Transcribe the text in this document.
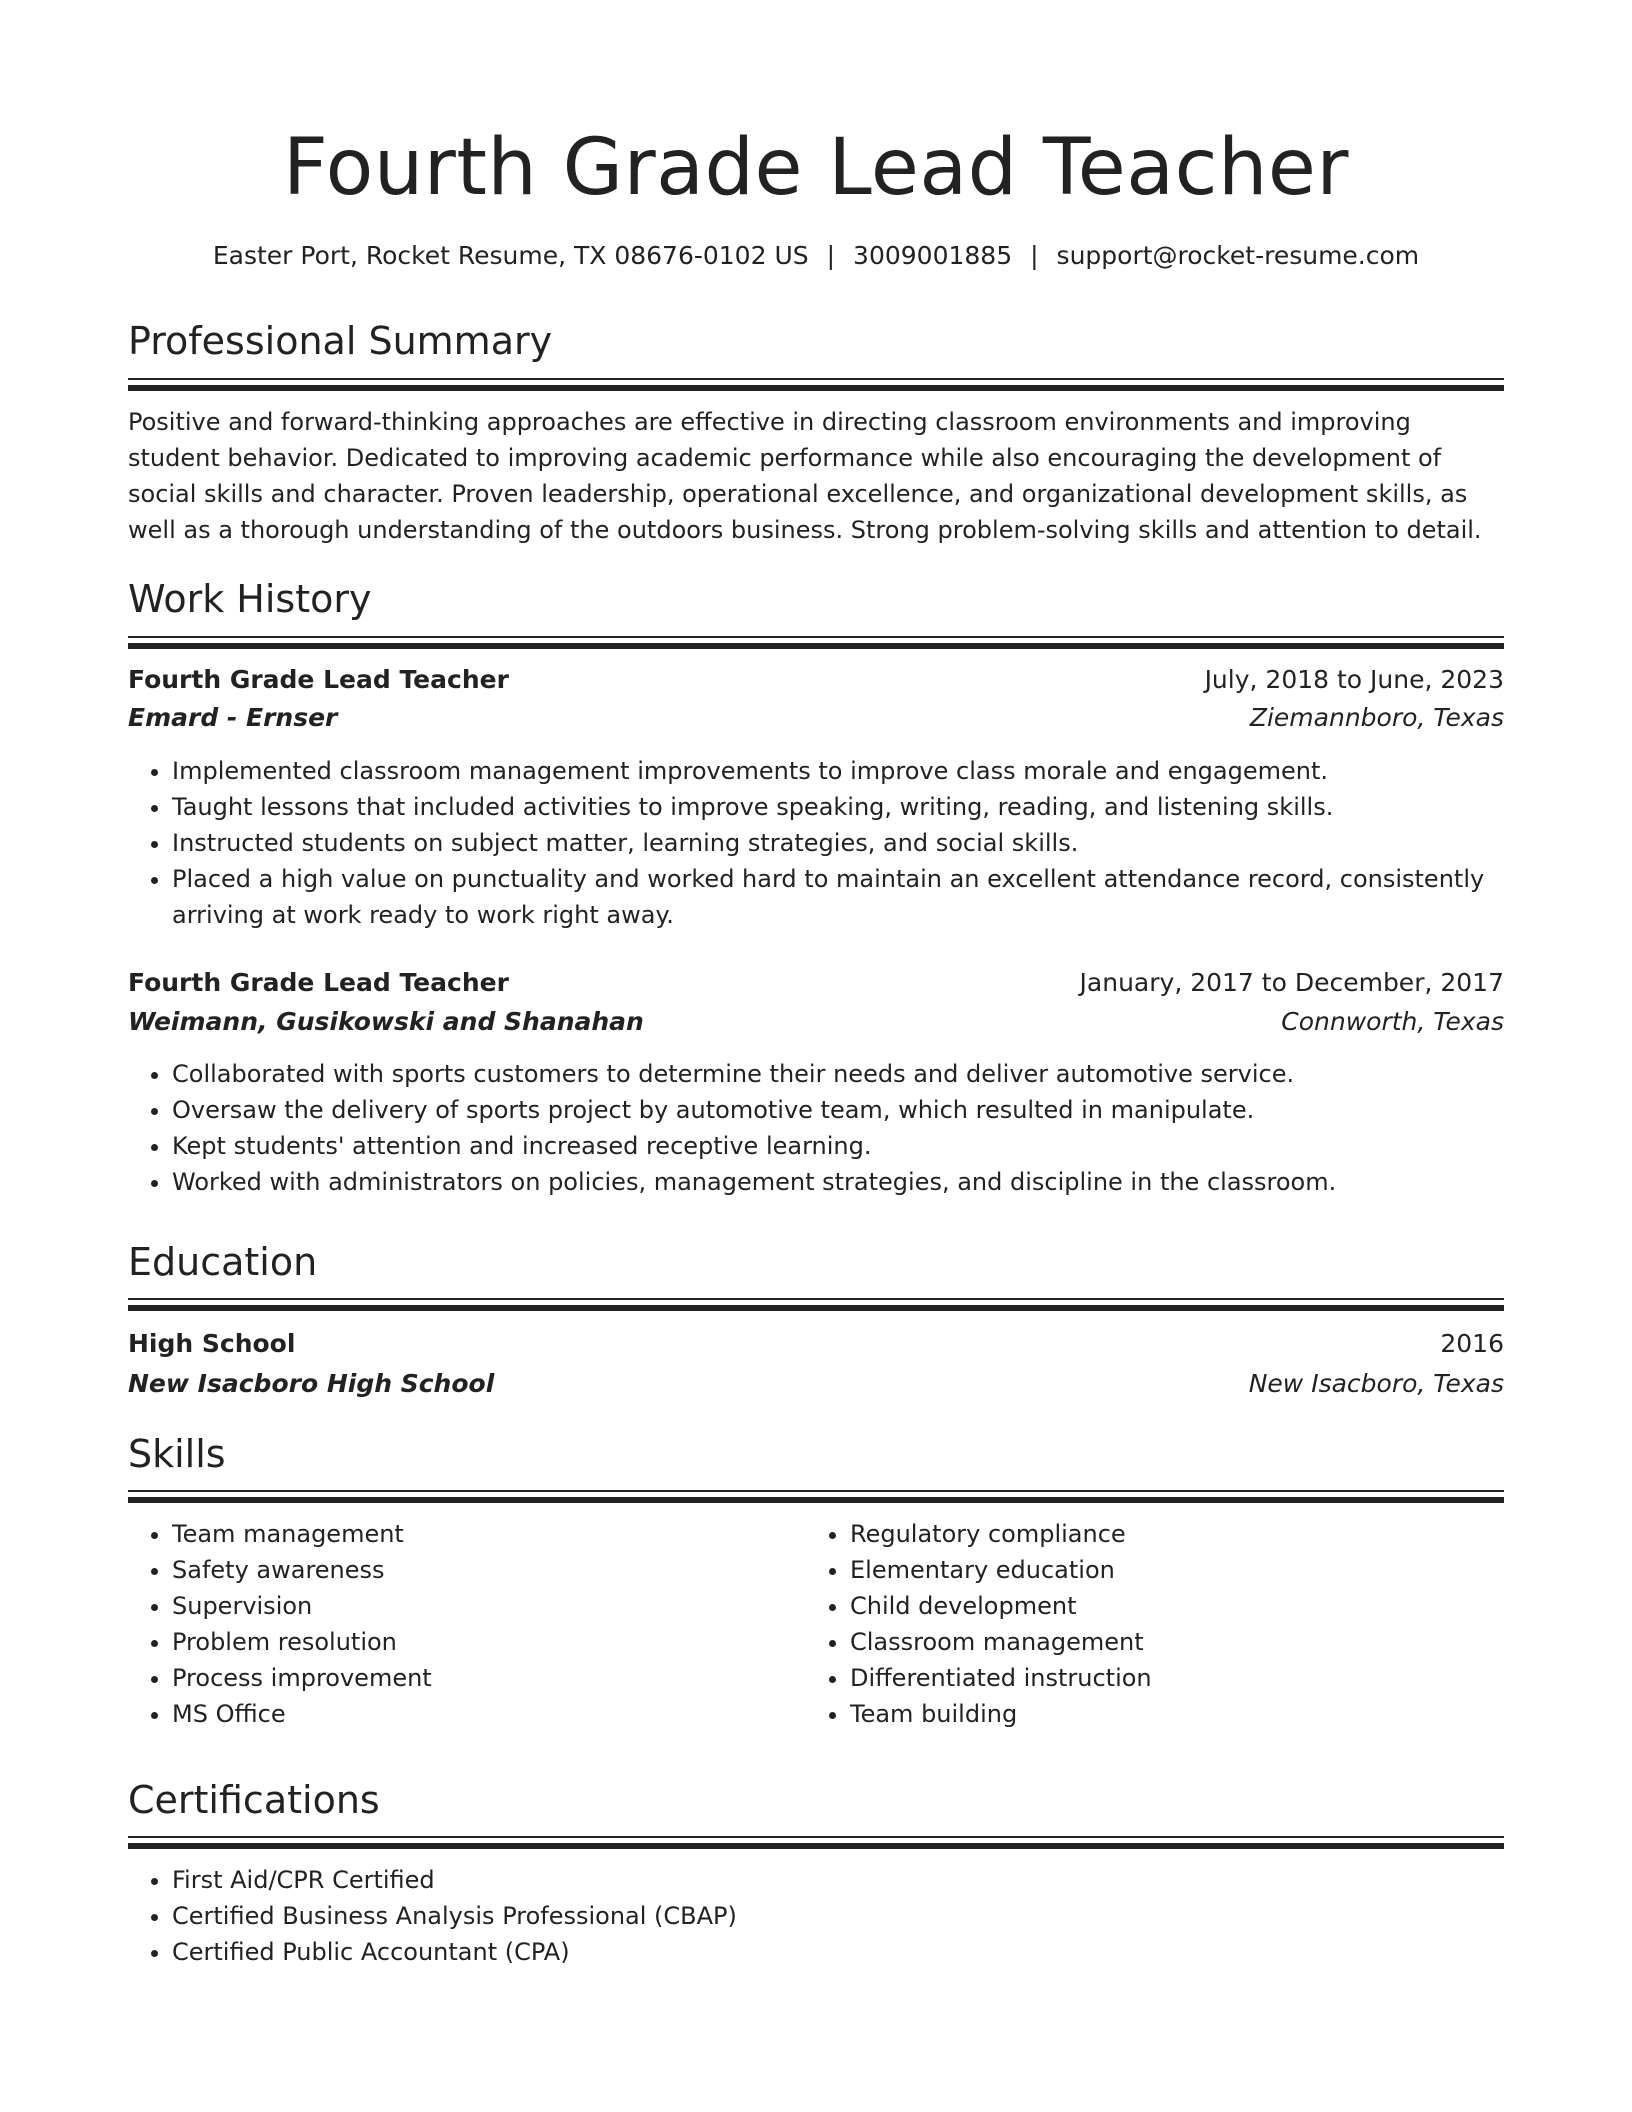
Fourth Grade Lead Teacher
Easter Port, Rocket Resume, TX 08676-0102 US | 3009001885 | support@rocket-resume.com
Professional Summary

Positive and forward-thinking approaches are effective in directing classroom environments and improving student behavior. Dedicated to improving academic performance while also encouraging the development of social skills and character. Proven leadership, operational excellence, and organizational development skills, as well as a thorough understanding of the outdoors business. Strong problem-solving skills and attention to detail.

Work History
Fourth Grade Lead Teacher	July, 2018 to June, 2023
Emard - Ernser	Ziemannboro, Texas
• Implemented classroom management improvements to improve class morale and engagement.
• Taught lessons that included activities to improve speaking, writing, reading, and listening skills.
• Instructed students on subject matter, learning strategies, and social skills.
• Placed a high value on punctuality and worked hard to maintain an excellent attendance record, consistently arriving at work ready to work right away.
Fourth Grade Lead Teacher	January, 2017 to December, 2017
Weimann, Gusikowski and Shanahan	Connworth, Texas
• Collaborated with sports customers to determine their needs and deliver automotive service.
• Oversaw the delivery of sports project by automotive team, which resulted in manipulate.
• Kept students' attention and increased receptive learning.
• Worked with administrators on policies, management strategies, and discipline in the classroom.
Education
High School	2016
New Isacboro High School	New Isacboro, Texas
Skills
• Team management
• Safety awareness
• Supervision
• Problem resolution
• Process improvement
• MS Office
• Regulatory compliance
• Elementary education
• Child development
• Classroom management
• Differentiated instruction
• Team building
Certifications
• First Aid/CPR Certified
• Certified Business Analysis Professional (CBAP)
• Certified Public Accountant (CPA)
